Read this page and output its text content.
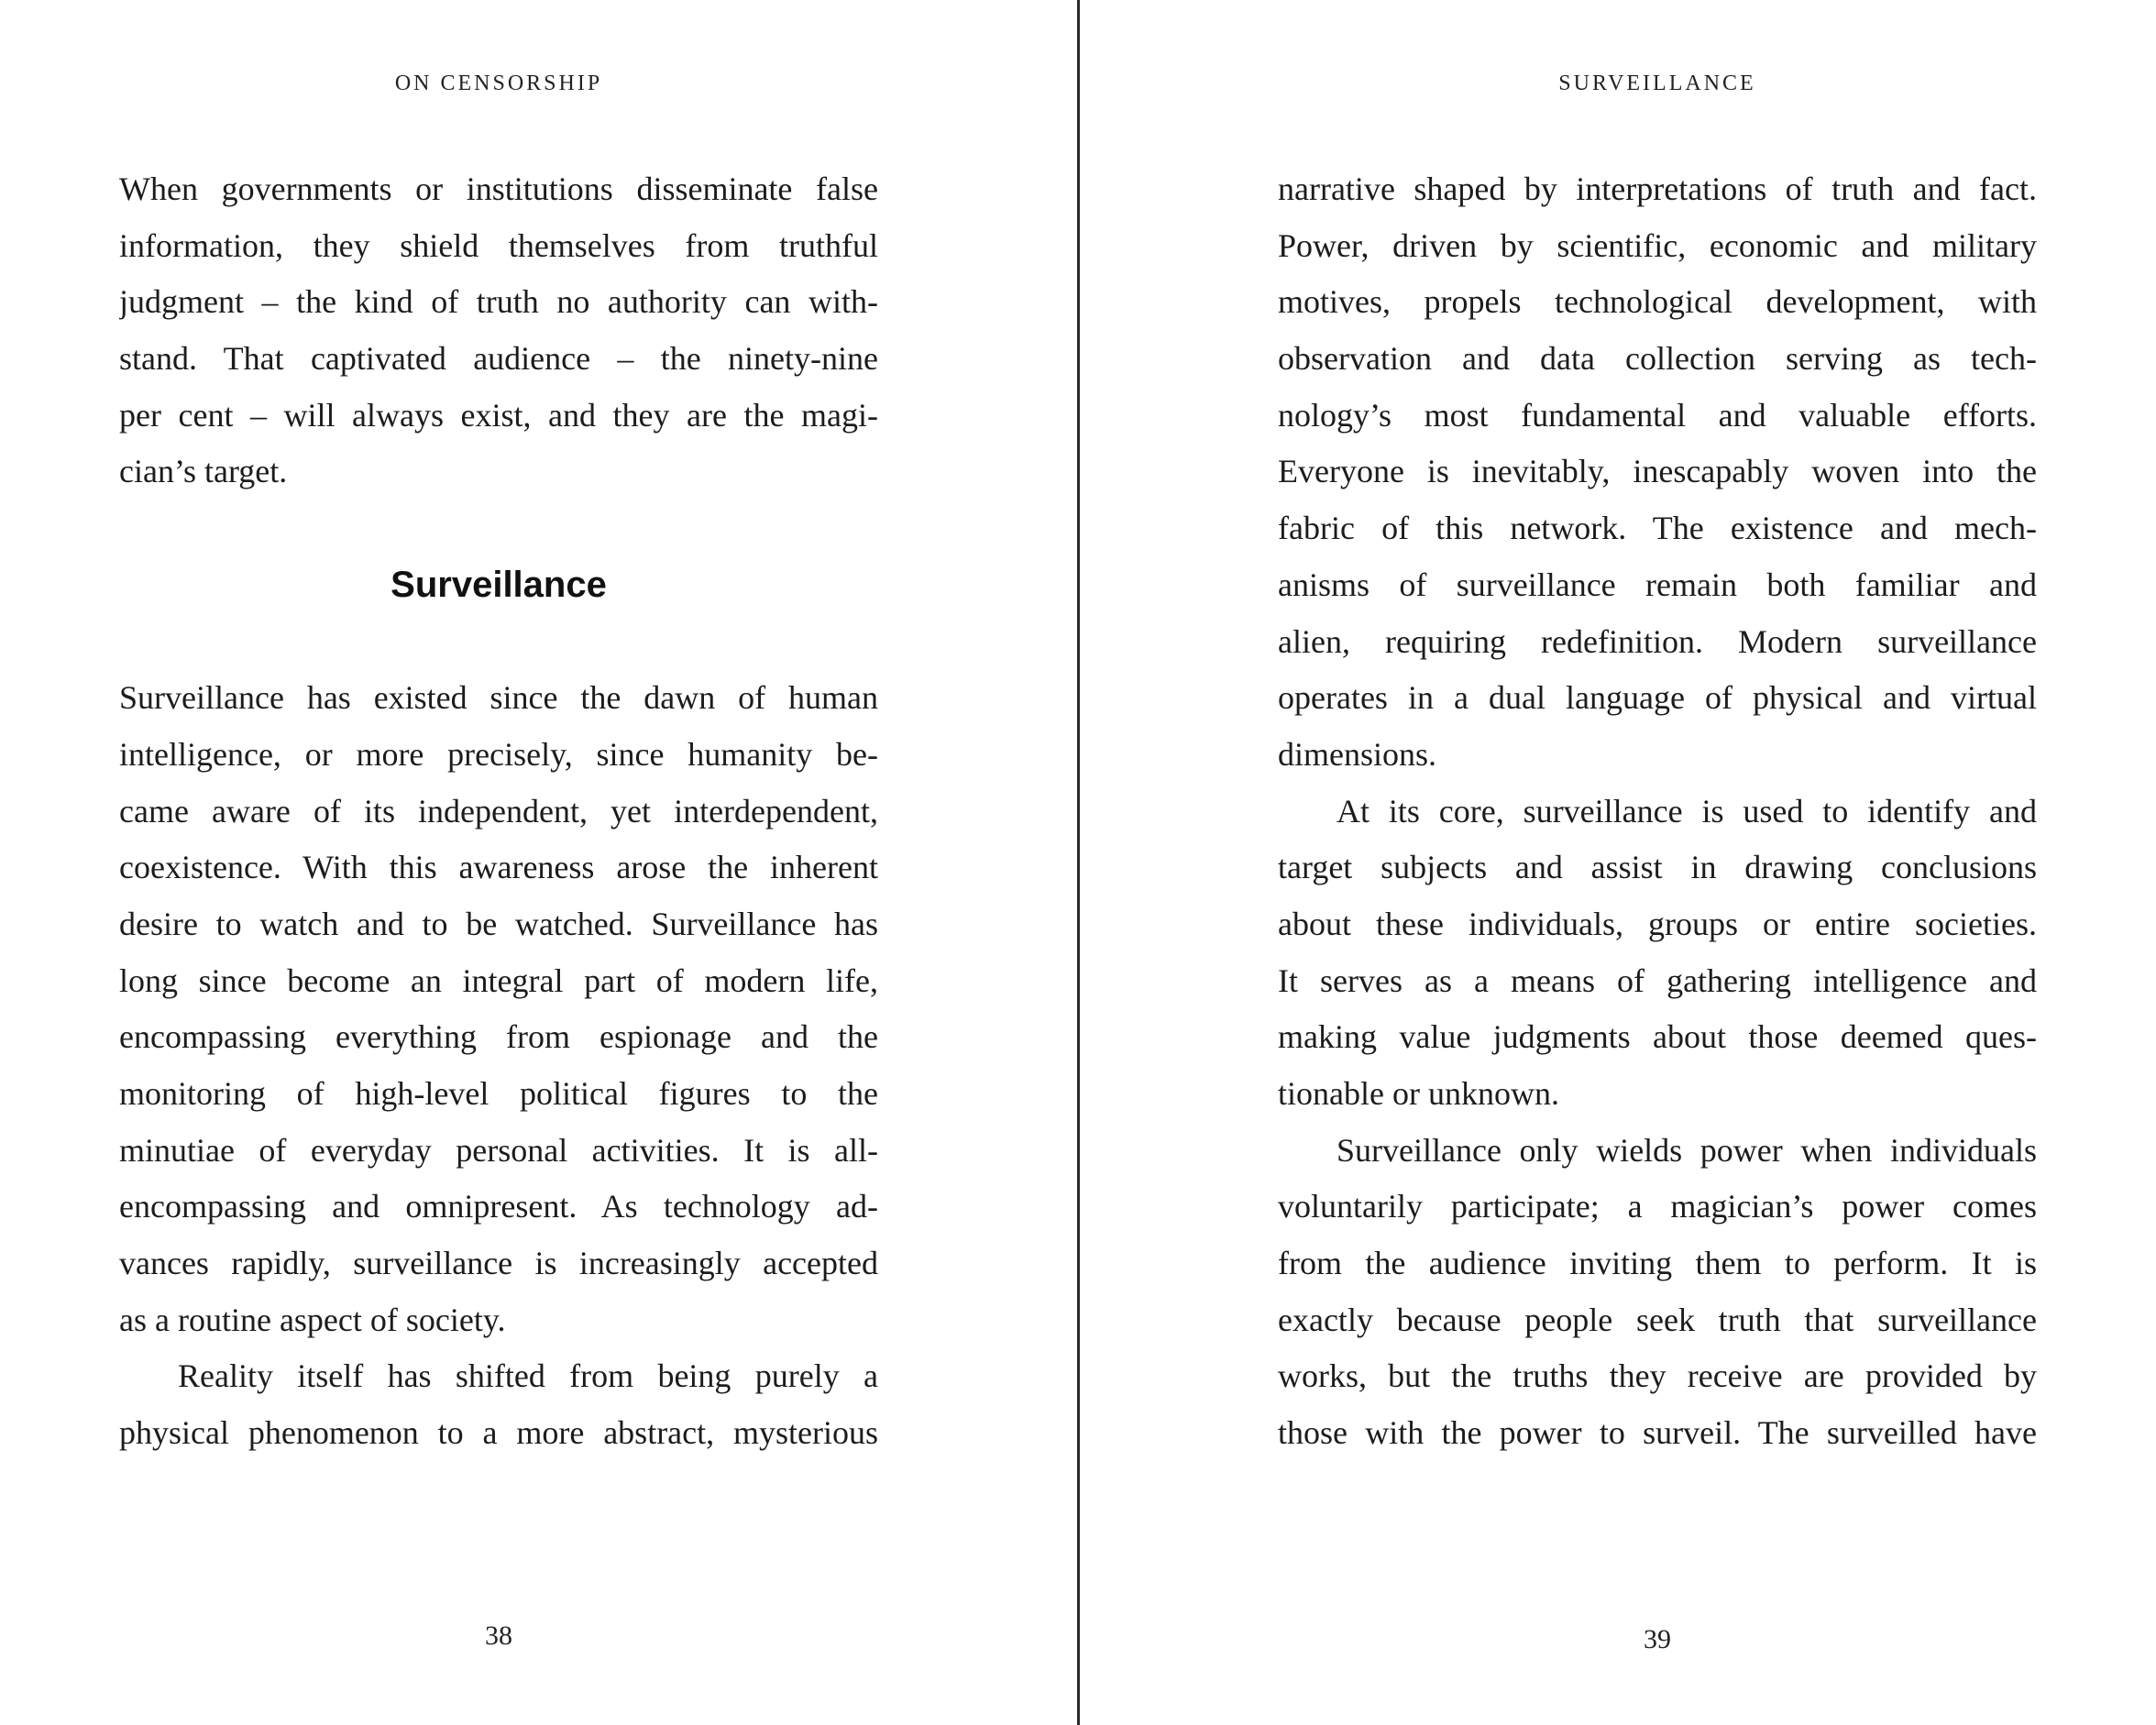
ON CENSORSHIP
When governments or institutions disseminate false
information, they shield themselves from truthful
judgment – the kind of truth no authority can with-
stand. That captivated audience – the ninety-nine
per cent – will always exist, and they are the magi-
cian’s target.
Surveillance
Surveillance has existed since the dawn of human
intelligence, or more precisely, since humanity be-
came aware of its independent, yet interdependent,
coexistence. With this awareness arose the inherent
desire to watch and to be watched. Surveillance has
long since become an integral part of modern life,
encompassing everything from espionage and the
monitoring of high-level political figures to the
minutiae of everyday personal activities. It is all-
encompassing and omnipresent. As technology ad-
vances rapidly, surveillance is increasingly accepted
as a routine aspect of society.
Reality itself has shifted from being purely a
physical phenomenon to a more abstract, mysterious
38
SURVEILLANCE
narrative shaped by interpretations of truth and fact.
Power, driven by scientific, economic and military
motives, propels technological development, with
observation and data collection serving as tech-
nology’s most fundamental and valuable efforts.
Everyone is inevitably, inescapably woven into the
fabric of this network. The existence and mech-
anisms of surveillance remain both familiar and
alien, requiring redefinition. Modern surveillance
operates in a dual language of physical and virtual
dimensions.
At its core, surveillance is used to identify and
target subjects and assist in drawing conclusions
about these individuals, groups or entire societies.
It serves as a means of gathering intelligence and
making value judgments about those deemed ques-
tionable or unknown.
Surveillance only wields power when individuals
voluntarily participate; a magician’s power comes
from the audience inviting them to perform. It is
exactly because people seek truth that surveillance
works, but the truths they receive are provided by
those with the power to surveil. The surveilled have
39
